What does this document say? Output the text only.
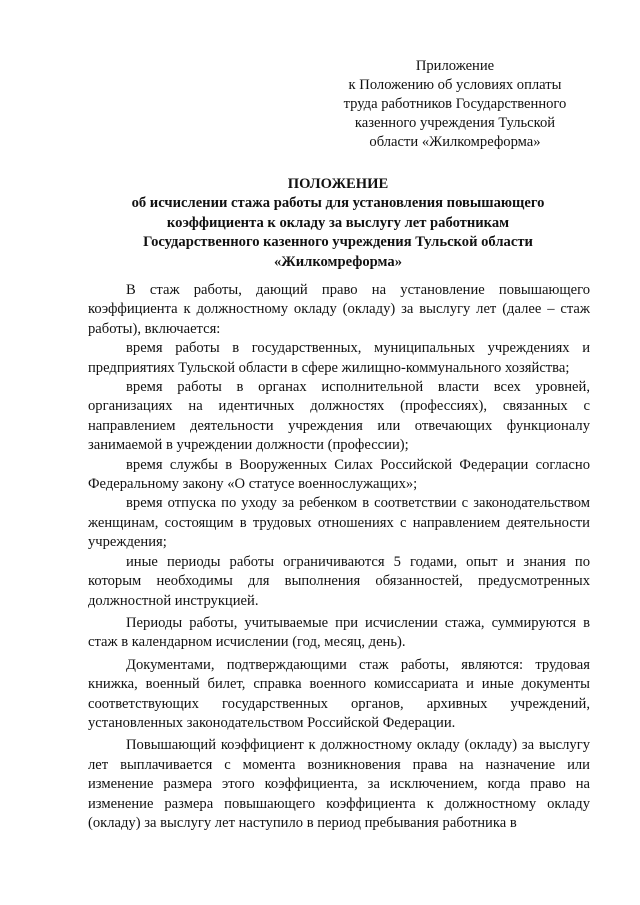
Приложение
к Положению об условиях оплаты
труда работников Государственного
казенного учреждения Тульской
области «Жилкомреформа»
ПОЛОЖЕНИЕ
об исчислении стажа работы для установления повышающего
коэффициента к окладу за выслугу лет работникам
Государственного казенного учреждения Тульской области
«Жилкомреформа»

В стаж работы, дающий право на установление повышающего коэффициента к должностному окладу (окладу) за выслугу лет (далее – стаж работы), включается:

время работы в государственных, муниципальных учреждениях и предприятиях Тульской области в сфере жилищно-коммунального хозяйства;

время работы в органах исполнительной власти всех уровней, организациях на идентичных должностях (профессиях), связанных с направлением деятельности учреждения или отвечающих функционалу занимаемой в учреждении должности (профессии);

время службы в Вооруженных Силах Российской Федерации согласно Федеральному закону «О статусе военнослужащих»;

время отпуска по уходу за ребенком в соответствии с законодательством женщинам, состоящим в трудовых отношениях с направлением деятельности учреждения;

иные периоды работы ограничиваются 5 годами, опыт и знания по которым необходимы для выполнения обязанностей, предусмотренных должностной инструкцией.

Периоды работы, учитываемые при исчислении стажа, суммируются в стаж в календарном исчислении (год, месяц, день).

Документами, подтверждающими стаж работы, являются: трудовая книжка, военный билет, справка военного комиссариата и иные документы соответствующих государственных органов, архивных учреждений, установленных законодательством Российской Федерации.

Повышающий коэффициент к должностному окладу (окладу) за выслугу лет выплачивается с момента возникновения права на назначение или изменение размера этого коэффициента, за исключением, когда право на изменение размера повышающего коэффициента к должностному окладу (окладу) за выслугу лет наступило в период пребывания работника в
